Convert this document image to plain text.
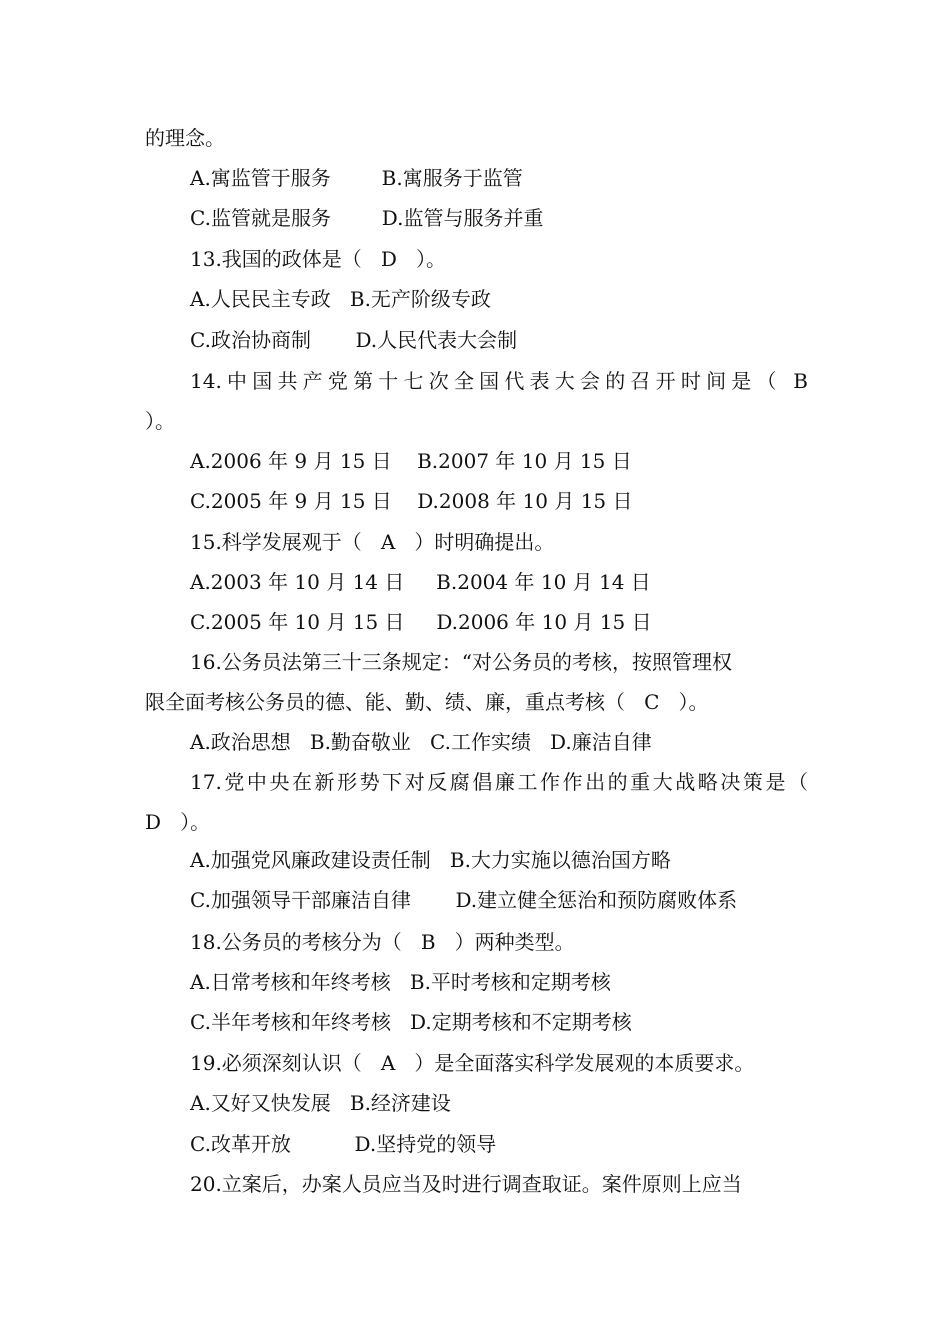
的理念。
A.寓监管于服务        B.寓服务于监管
C.监管就是服务        D.监管与服务并重
13.我国的政体是（   D   ）。
A.人民民主专政   B.无产阶级专政
C.政治协商制       D.人民代表大会制
14.中国共产党第十七次全国代表大会的召开时间是（ B
）。
A.2006 年 9 月 15 日    B.2007 年 10 月 15 日
C.2005 年 9 月 15 日    D.2008 年 10 月 15 日
15.科学发展观于（   A   ）时明确提出。
A.2003 年 10 月 14 日     B.2004 年 10 月 14 日
C.2005 年 10 月 15 日     D.2006 年 10 月 15 日
16.公务员法第三十三条规定：“对公务员的考核，按照管理权
限全面考核公务员的德、能、勤、绩、廉，重点考核（   C   ）。
A.政治思想   B.勤奋敬业   C.工作实绩   D.廉洁自律
17.党中央在新形势下对反腐倡廉工作作出的重大战略决策是（
D   ）。
A.加强党风廉政建设责任制   B.大力实施以德治国方略
C.加强领导干部廉洁自律       D.建立健全惩治和预防腐败体系
18.公务员的考核分为（   B   ）两种类型。
A.日常考核和年终考核   B.平时考核和定期考核
C.半年考核和年终考核   D.定期考核和不定期考核
19.必须深刻认识（   A   ）是全面落实科学发展观的本质要求。
A.又好又快发展   B.经济建设
C.改革开放          D.坚持党的领导
20.立案后，办案人员应当及时进行调查取证。案件原则上应当
